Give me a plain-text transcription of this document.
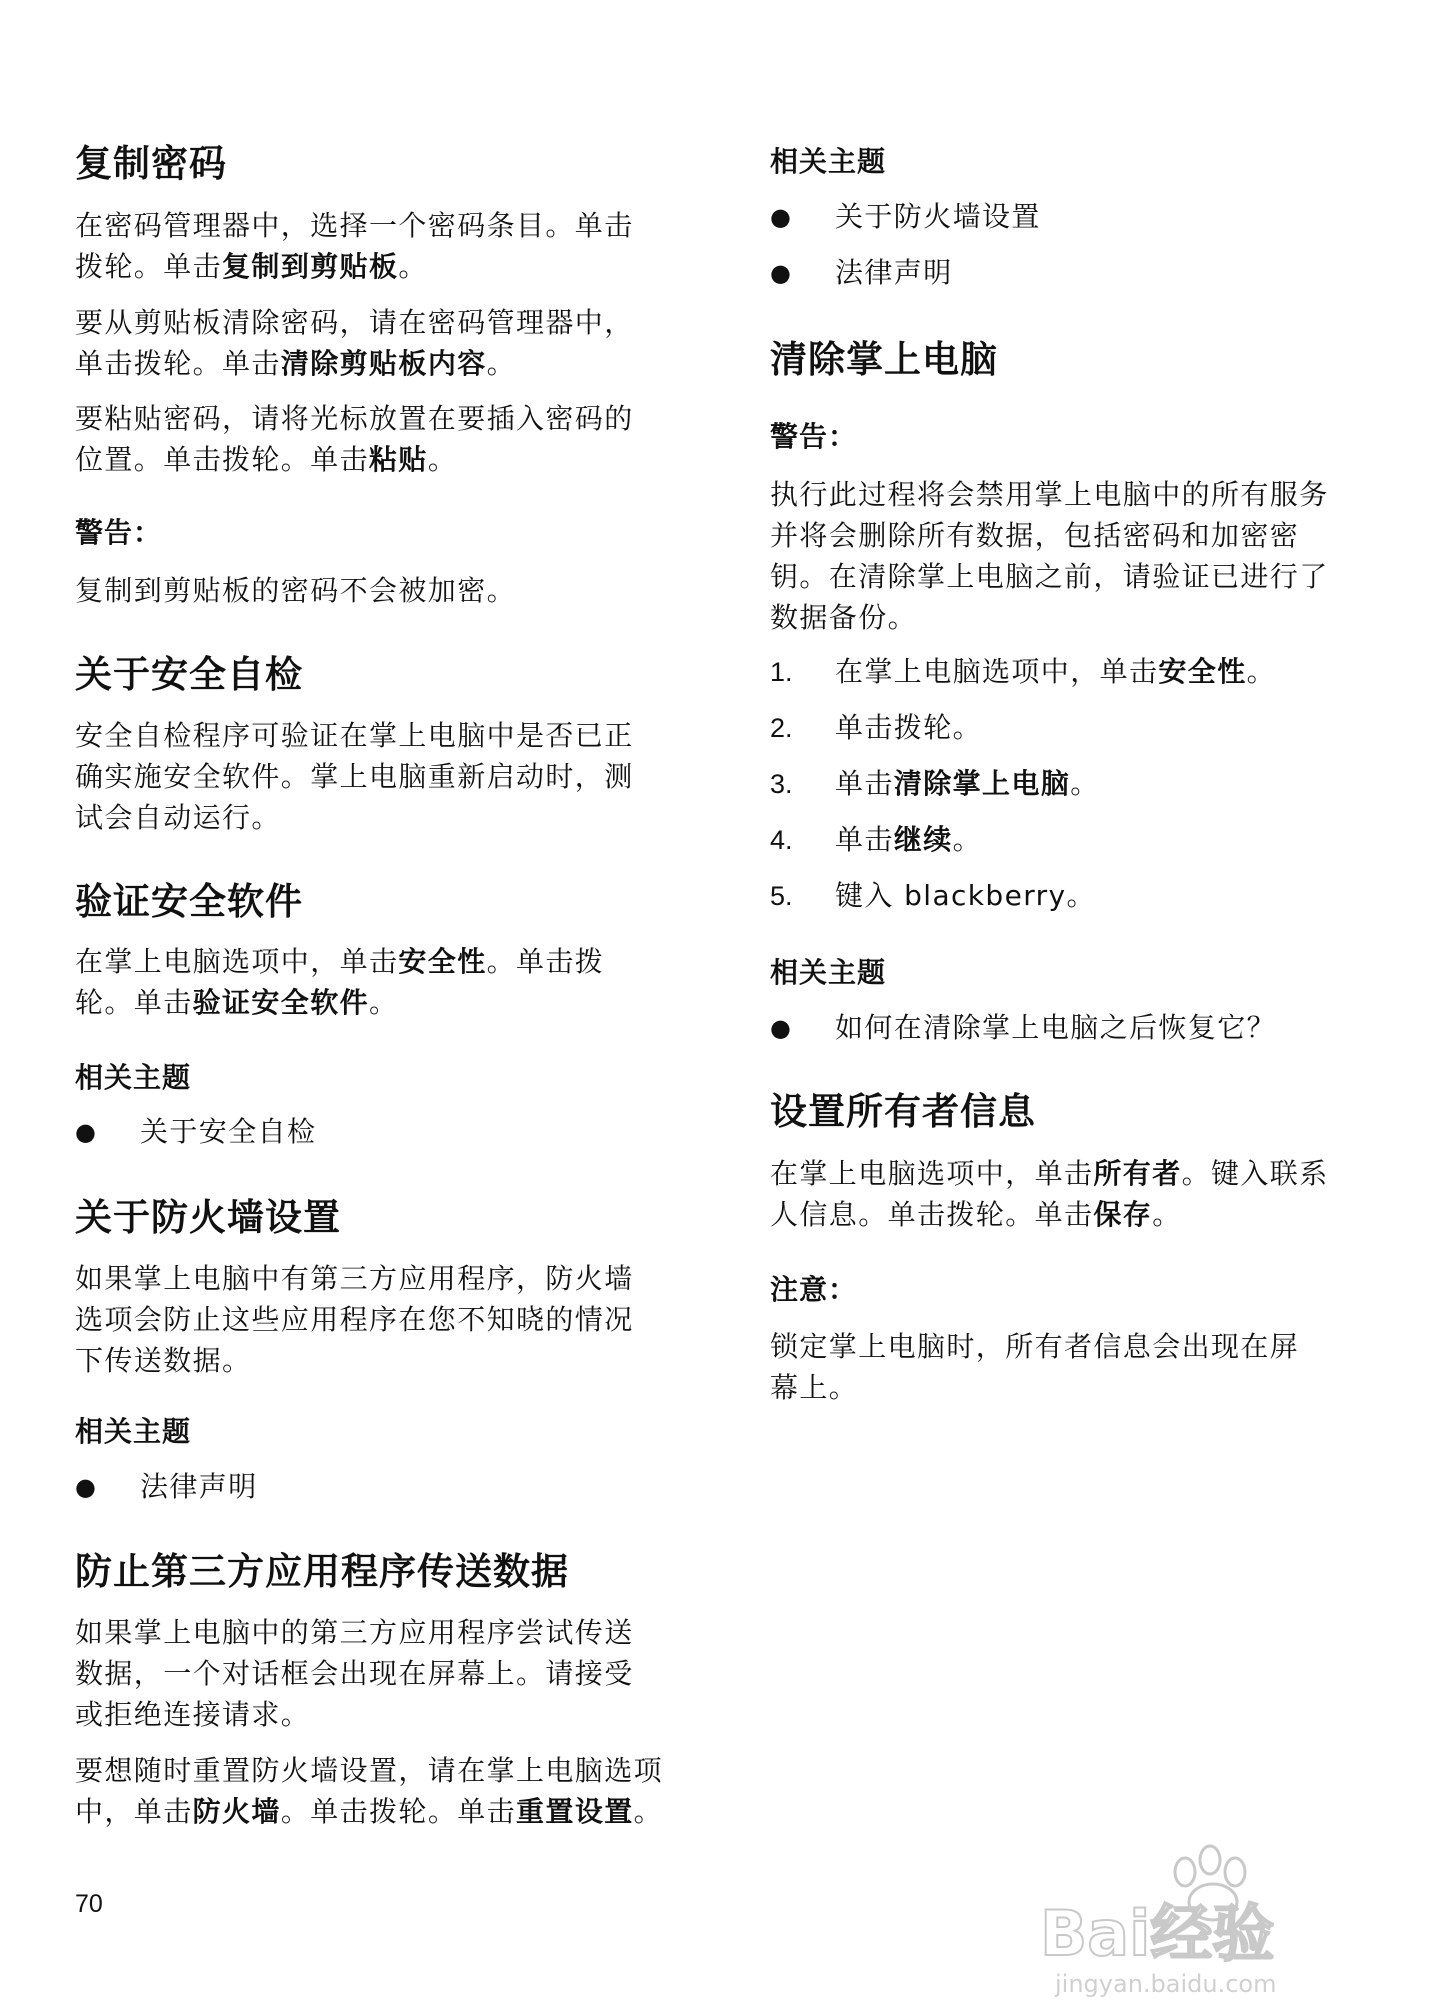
复制密码
在密码管理器中，选择一个密码条目。单击
拨轮。单击复制到剪贴板。
要从剪贴板清除密码，请在密码管理器中，
单击拨轮。单击清除剪贴板内容。
要粘贴密码，请将光标放置在要插入密码的
位置。单击拨轮。单击粘贴。
警告：
复制到剪贴板的密码不会被加密。
关于安全自检
安全自检程序可验证在掌上电脑中是否已正
确实施安全软件。掌上电脑重新启动时，测
试会自动运行。
验证安全软件
在掌上电脑选项中，单击安全性。单击拨
轮。单击验证安全软件。
相关主题
● 关于安全自检
关于防火墙设置
如果掌上电脑中有第三方应用程序，防火墙
选项会防止这些应用程序在您不知晓的情况
下传送数据。
相关主题
● 法律声明
防止第三方应用程序传送数据
如果掌上电脑中的第三方应用程序尝试传送
数据，一个对话框会出现在屏幕上。请接受
或拒绝连接请求。
要想随时重置防火墙设置，请在掌上电脑选项
中，单击防火墙。单击拨轮。单击重置设置。
相关主题
● 关于防火墙设置
● 法律声明
清除掌上电脑
警告：
执行此过程将会禁用掌上电脑中的所有服务
并将会删除所有数据，包括密码和加密密
钥。在清除掌上电脑之前，请验证已进行了
数据备份。
1. 在掌上电脑选项中，单击安全性。
2. 单击拨轮。
3. 单击清除掌上电脑。
4. 单击继续。
5. 键入 blackberry。
相关主题
● 如何在清除掌上电脑之后恢复它？
设置所有者信息
在掌上电脑选项中，单击所有者。键入联系
人信息。单击拨轮。单击保存。
注意：
锁定掌上电脑时，所有者信息会出现在屏
幕上。
70	Bai经验
jingyan.baidu.com
